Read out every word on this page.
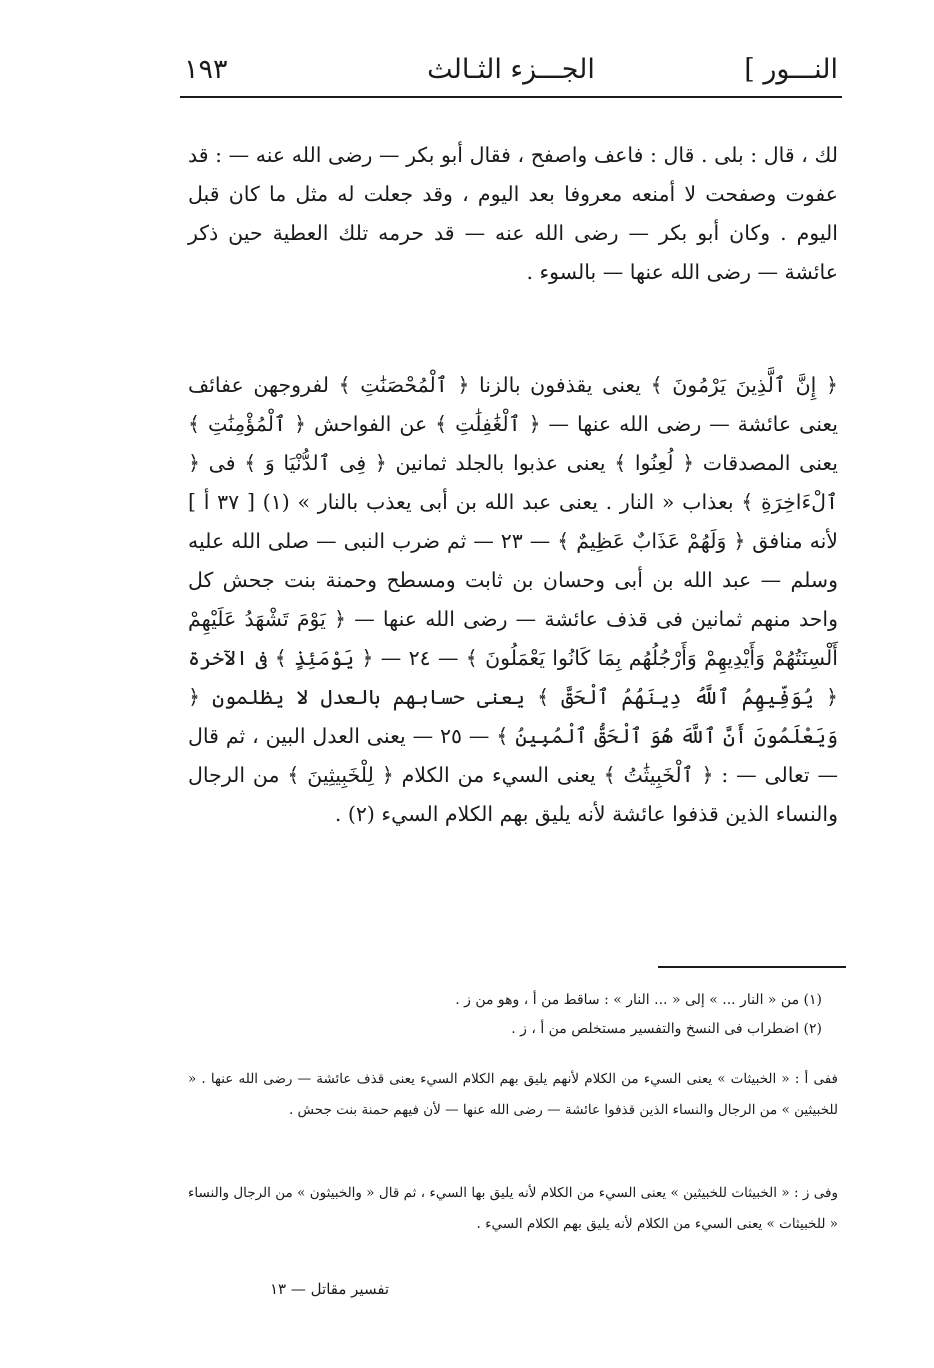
النـــور ]
الجـــزء الثـالث
١٩٣

لك ، قال : بلى . قال : فاعف واصفح ، فقال أبو بكر — رضى الله عنه — : قد عفوت وصفحت لا أمنعه معروفا بعد اليوم ، وقد جعلت له مثل ما كان قبل اليوم . وكان أبو بكر — رضى الله عنه — قد حرمه تلك العطية حين ذكر عائشة — رضى الله عنها — بالسوء .

﴿ إِنَّ ٱلَّذِينَ يَرْمُونَ ﴾ يعنى يقذفون بالزنا ﴿ ٱلْمُحْصَنَٰتِ ﴾ لفروجهن عفائف يعنى عائشة — رضى الله عنها — ﴿ ٱلْغَٰفِلَٰتِ ﴾ عن الفواحش ﴿ ٱلْمُؤْمِنَٰتِ ﴾ يعنى المصدقات ﴿ لُعِنُوا ﴾ يعنى عذبوا بالجلد ثمانين ﴿ فِى ٱلدُّنْيَا وَ ﴾ فى ﴿ ٱلْءَاخِرَةِ ﴾ بعذاب « النار . يعنى عبد الله بن أبى يعذب بالنار » (١) [ ٣٧ أ ] لأنه منافق ﴿ وَلَهُمْ عَذَابٌ عَظِيمٌ ﴾ — ٢٣ — ثم ضرب النبى — صلى الله عليه وسلم — عبد الله بن أبى وحسان بن ثابت ومسطح وحمنة بنت جحش كل واحد منهم ثمانين فى قذف عائشة — رضى الله عنها — ﴿ يَوْمَ تَشْهَدُ عَلَيْهِمْ أَلْسِنَتُهُمْ وَأَيْدِيهِمْ وَأَرْجُلُهُم بِمَا كَانُوا يَعْمَلُونَ ﴾ — ٢٤ — ﴿ يَوْمَئِذٍ ﴾ فى الآخرة ﴿ يُوَفِّيهِمُ ٱللَّهُ دِينَهُمُ ٱلْحَقَّ ﴾ يعنى حسابهم بالعدل لا يظلمون ﴿ وَيَعْلَمُونَ أَنَّ ٱللَّهَ هُوَ ٱلْحَقُّ ٱلْمُبِينُ ﴾ — ٢٥ — يعنى العدل البين ، ثم قال — تعالى — : ﴿ ٱلْخَبِيثَٰتُ ﴾ يعنى السيء من الكلام ﴿ لِلْخَبِيثِينَ ﴾ من الرجال والنساء الذين قذفوا عائشة لأنه يليق بهم الكلام السيء (٢) .

(١) من « النار ... » إلى « ... النار » : ساقط من أ ، وهو من ز .

(٢) اضطراب فى النسخ والتفسير مستخلص من أ ، ز .

ففى أ : « الخبيثات » يعنى السيء من الكلام لأنهم يليق بهم الكلام السيء يعنى قذف عائشة — رضى الله عنها . « للخبيثين » من الرجال والنساء الذين قذفوا عائشة — رضى الله عنها — لأن فيهم حمنة بنت جحش .

وفى ز : « الخبيثات للخبيثين » يعنى السيء من الكلام لأنه يليق بها السيء ، ثم قال « والخبيثون » من الرجال والنساء « للخبيثات » يعنى السيء من الكلام لأنه يليق بهم الكلام السيء .

تفسير مقاتل — ١٣
